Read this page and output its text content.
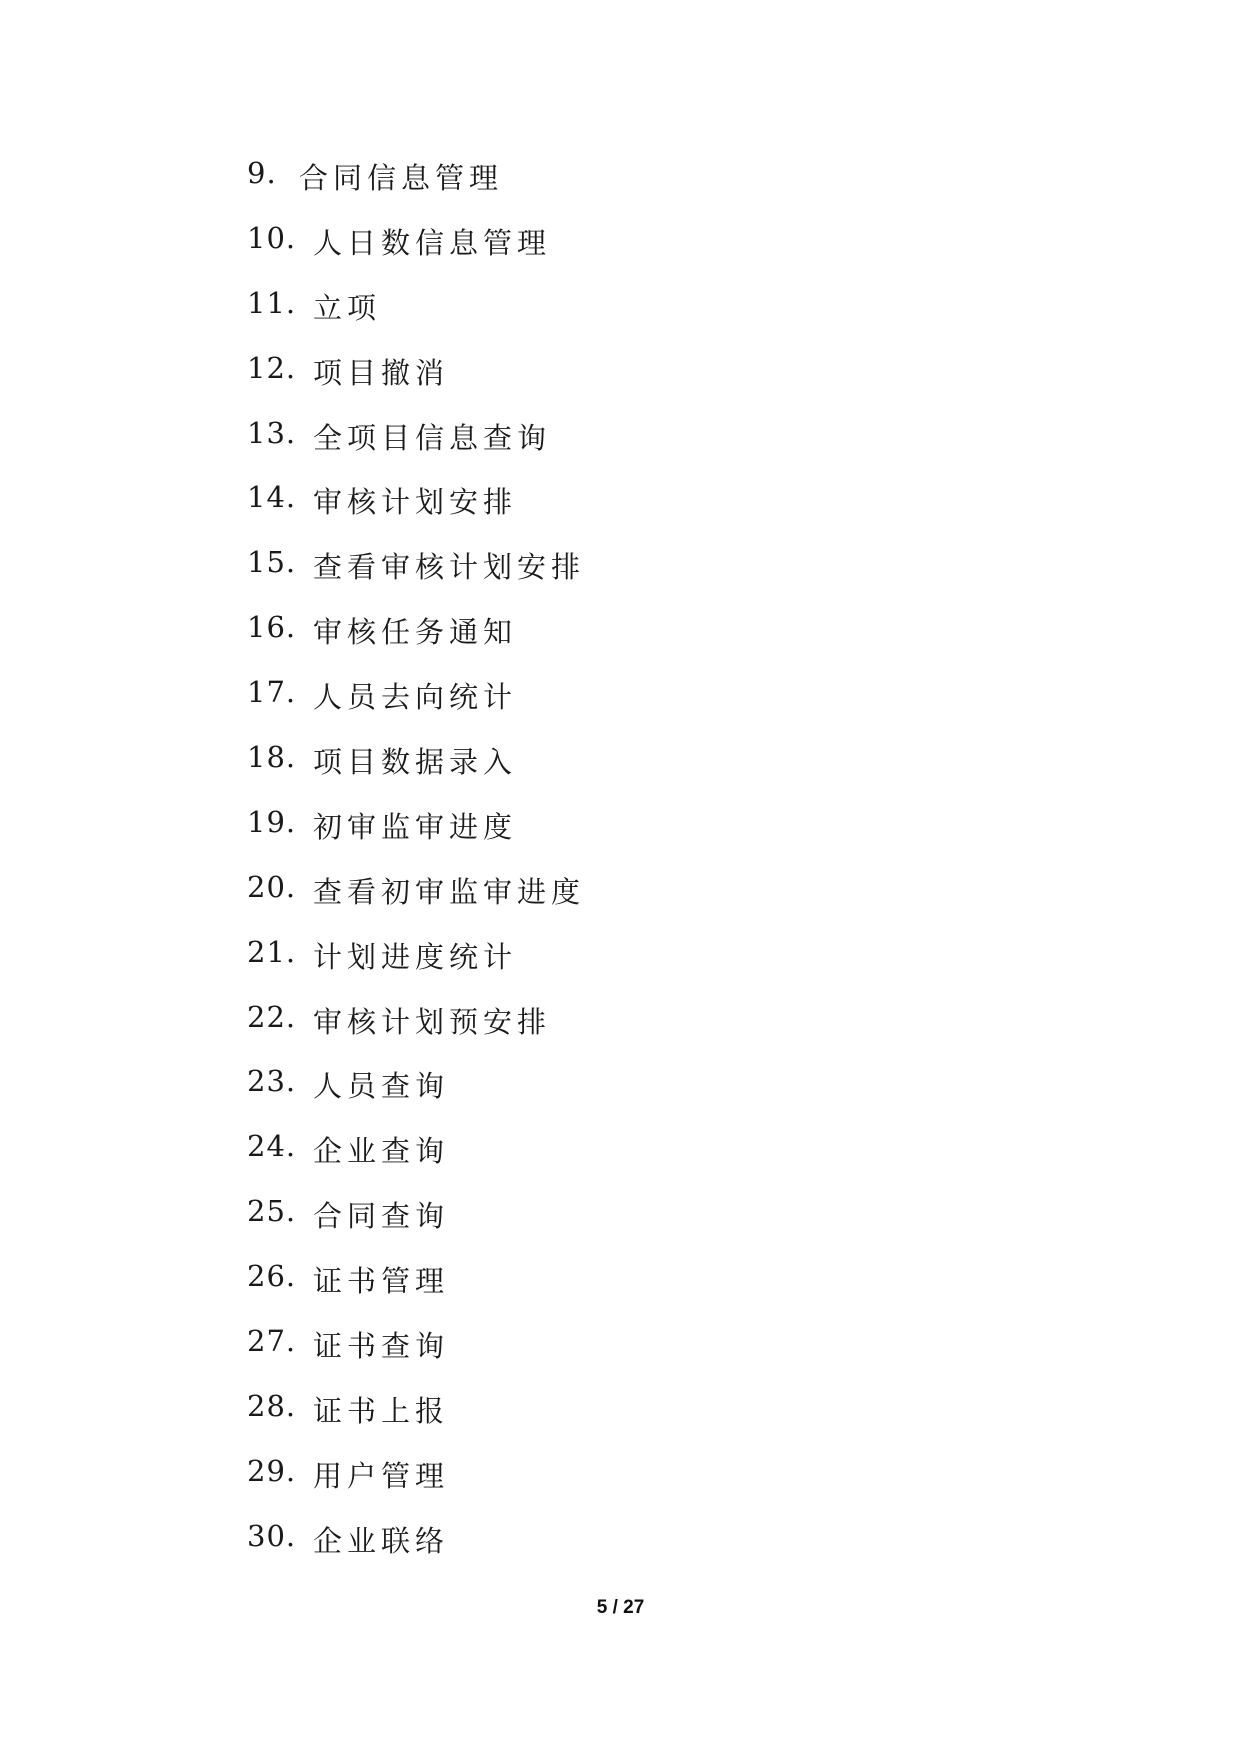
9. 合同信息管理
10. 人日数信息管理
11. 立项
12. 项目撤消
13. 全项目信息查询
14. 审核计划安排
15. 查看审核计划安排
16. 审核任务通知
17. 人员去向统计
18. 项目数据录入
19. 初审监审进度
20. 查看初审监审进度
21. 计划进度统计
22. 审核计划预安排
23. 人员查询
24. 企业查询
25. 合同查询
26. 证书管理
27. 证书查询
28. 证书上报
29. 用户管理
30. 企业联络
5 / 27
